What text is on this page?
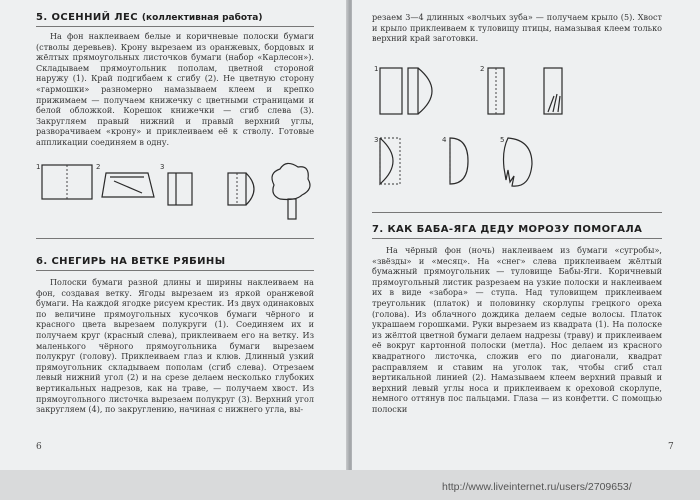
5. ОСЕННИЙ ЛЕС (коллективная работа)
На фон наклеиваем белые и коричневые полоски бумаги (стволы деревьев). Крону вырезаем из оранжевых, бордовых и жёлтых прямоугольных листочков бумаги (набор «Карлесон»). Складываем прямоугольник пополам, цветной стороной наружу (1). Край подгибаем к сгибу (2). Не цветную сторону «гармошки» разномерно намазываем клеем и крепко прижимаем — получаем книжечку с цветными страницами и белой обложкой. Корешок книжечки — сгиб слева (3). Закругляем правый нижний и правый верхний углы, разворачиваем «крону» и приклеиваем её к стволу. Готовые аппликации соединяем в одну.
1	2	3
6. СНЕГИРЬ НА ВЕТКЕ РЯБИНЫ
Полоски бумаги разной длины и ширины наклеиваем на фон, создавая ветку. Ягоды вырезаем из яркой оранжевой бумаги. На каждой ягодке рисуем крестик. Из двух одинаковых по величине прямоугольных кусочков бумаги чёрного и красного цвета вырезаем полукруги (1). Соединяем их и получаем круг (красный слева), приклеиваем его на ветку. Из маленького чёрного прямоугольника бумаги вырезаем полукруг (голову). Приклеиваем глаз и клюв. Длинный узкий прямоугольник складываем пополам (сгиб слева). Отрезаем левый нижний угол (2) и на срезе делаем несколько глубоких вертикальных надрезов, как на траве, — получаем хвост. Из прямоугольного листочка вырезаем полукруг (3). Верхний угол закругляем (4), по закруглению, начиная с нижнего угла, вы-
6
резаем 3—4 длинных «волчьих зуба» — получаем крыло (5). Хвост и крыло приклеиваем к туловищу птицы, намазывая клеем только верхний край заготовки.
1	2
3	4	5
7. КАК БАБА-ЯГА ДЕДУ МОРОЗУ ПОМОГАЛА
На чёрный фон (ночь) наклеиваем из бумаги «сугробы», «звёзды» и «месяц». На «снег» слева приклеиваем жёлтый бумажный прямоугольник — туловище Бабы-Яги. Коричневый прямоугольный листик разрезаем на узкие полоски и наклеиваем их в виде «забора» — ступа. Над туловищем приклеиваем треугольник (платок) и половинку скорлупы грецкого ореха (голова). Из облачного дождика делаем седые волосы. Платок украшаем горошками. Руки вырезаем из квадрата (1). На полоске из жёлтой цветной бумаги делаем надрезы (траву) и приклеиваем её вокруг картонной полоски (метла). Нос делаем из красного квадратного листочка, сложив его по диагонали, квадрат расправляем и ставим на уголок так, чтобы сгиб стал вертикальной линией (2). Намазываем клеем верхний правый и верхний левый углы носа и приклеиваем к ореховой скорлупе, немного оттянув пос пальцами. Глаза — из конфетти. С помощью полоски
7
http://www.liveinternet.ru/users/2709653/
